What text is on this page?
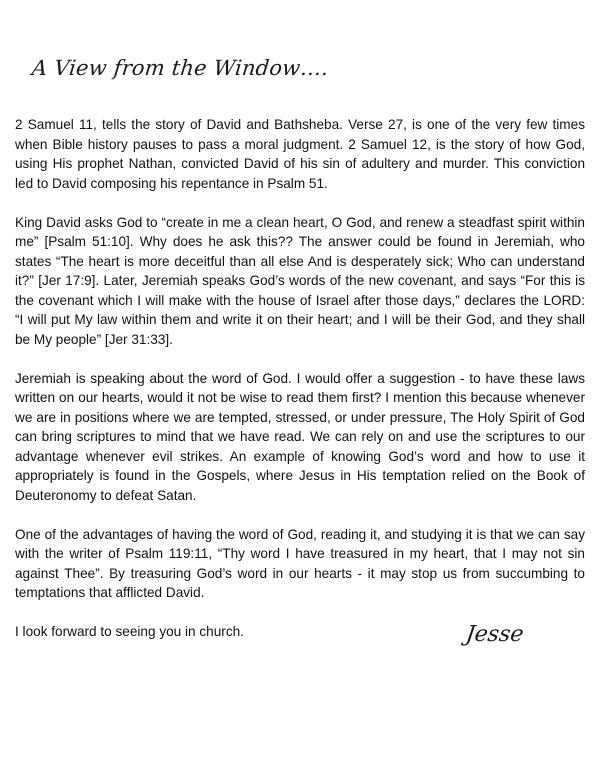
A View from the Window….

2 Samuel 11, tells the story of David and Bathsheba. Verse 27, is one of the very few times when Bible history pauses to pass a moral judgment. 2 Samuel 12, is the story of how God, using His prophet Nathan, convicted David of his sin of adultery and murder. This conviction led to David composing his repentance in Psalm 51.

King David asks God to “create in me a clean heart, O God, and renew a steadfast spirit within me” [Psalm 51:10]. Why does he ask this?? The answer could be found in Jeremiah, who states “The heart is more deceitful than all else And is desperately sick; Who can understand it?” [Jer 17:9]. Later, Jeremiah speaks God’s words of the new covenant, and says “For this is the covenant which I will make with the house of Israel after those days,” declares the LORD: “I will put My law within them and write it on their heart; and I will be their God, and they shall be My people” [Jer 31:33].

Jeremiah is speaking about the word of God. I would offer a suggestion - to have these laws written on our hearts, would it not be wise to read them first? I mention this because whenever we are in positions where we are tempted, stressed, or under pressure, The Holy Spirit of God can bring scriptures to mind that we have read. We can rely on and use the scriptures to our advantage whenever evil strikes. An example of knowing God’s word and how to use it appropriately is found in the Gospels, where Jesus in His temptation relied on the Book of Deuteronomy to defeat Satan.

One of the advantages of having the word of God, reading it, and studying it is that we can say with the writer of Psalm 119:11, “Thy word I have treasured in my heart, that I may not sin against Thee”. By treasuring God’s word in our hearts - it may stop us from succumbing to temptations that afflicted David.

I look forward to seeing you in church.	Jesse
